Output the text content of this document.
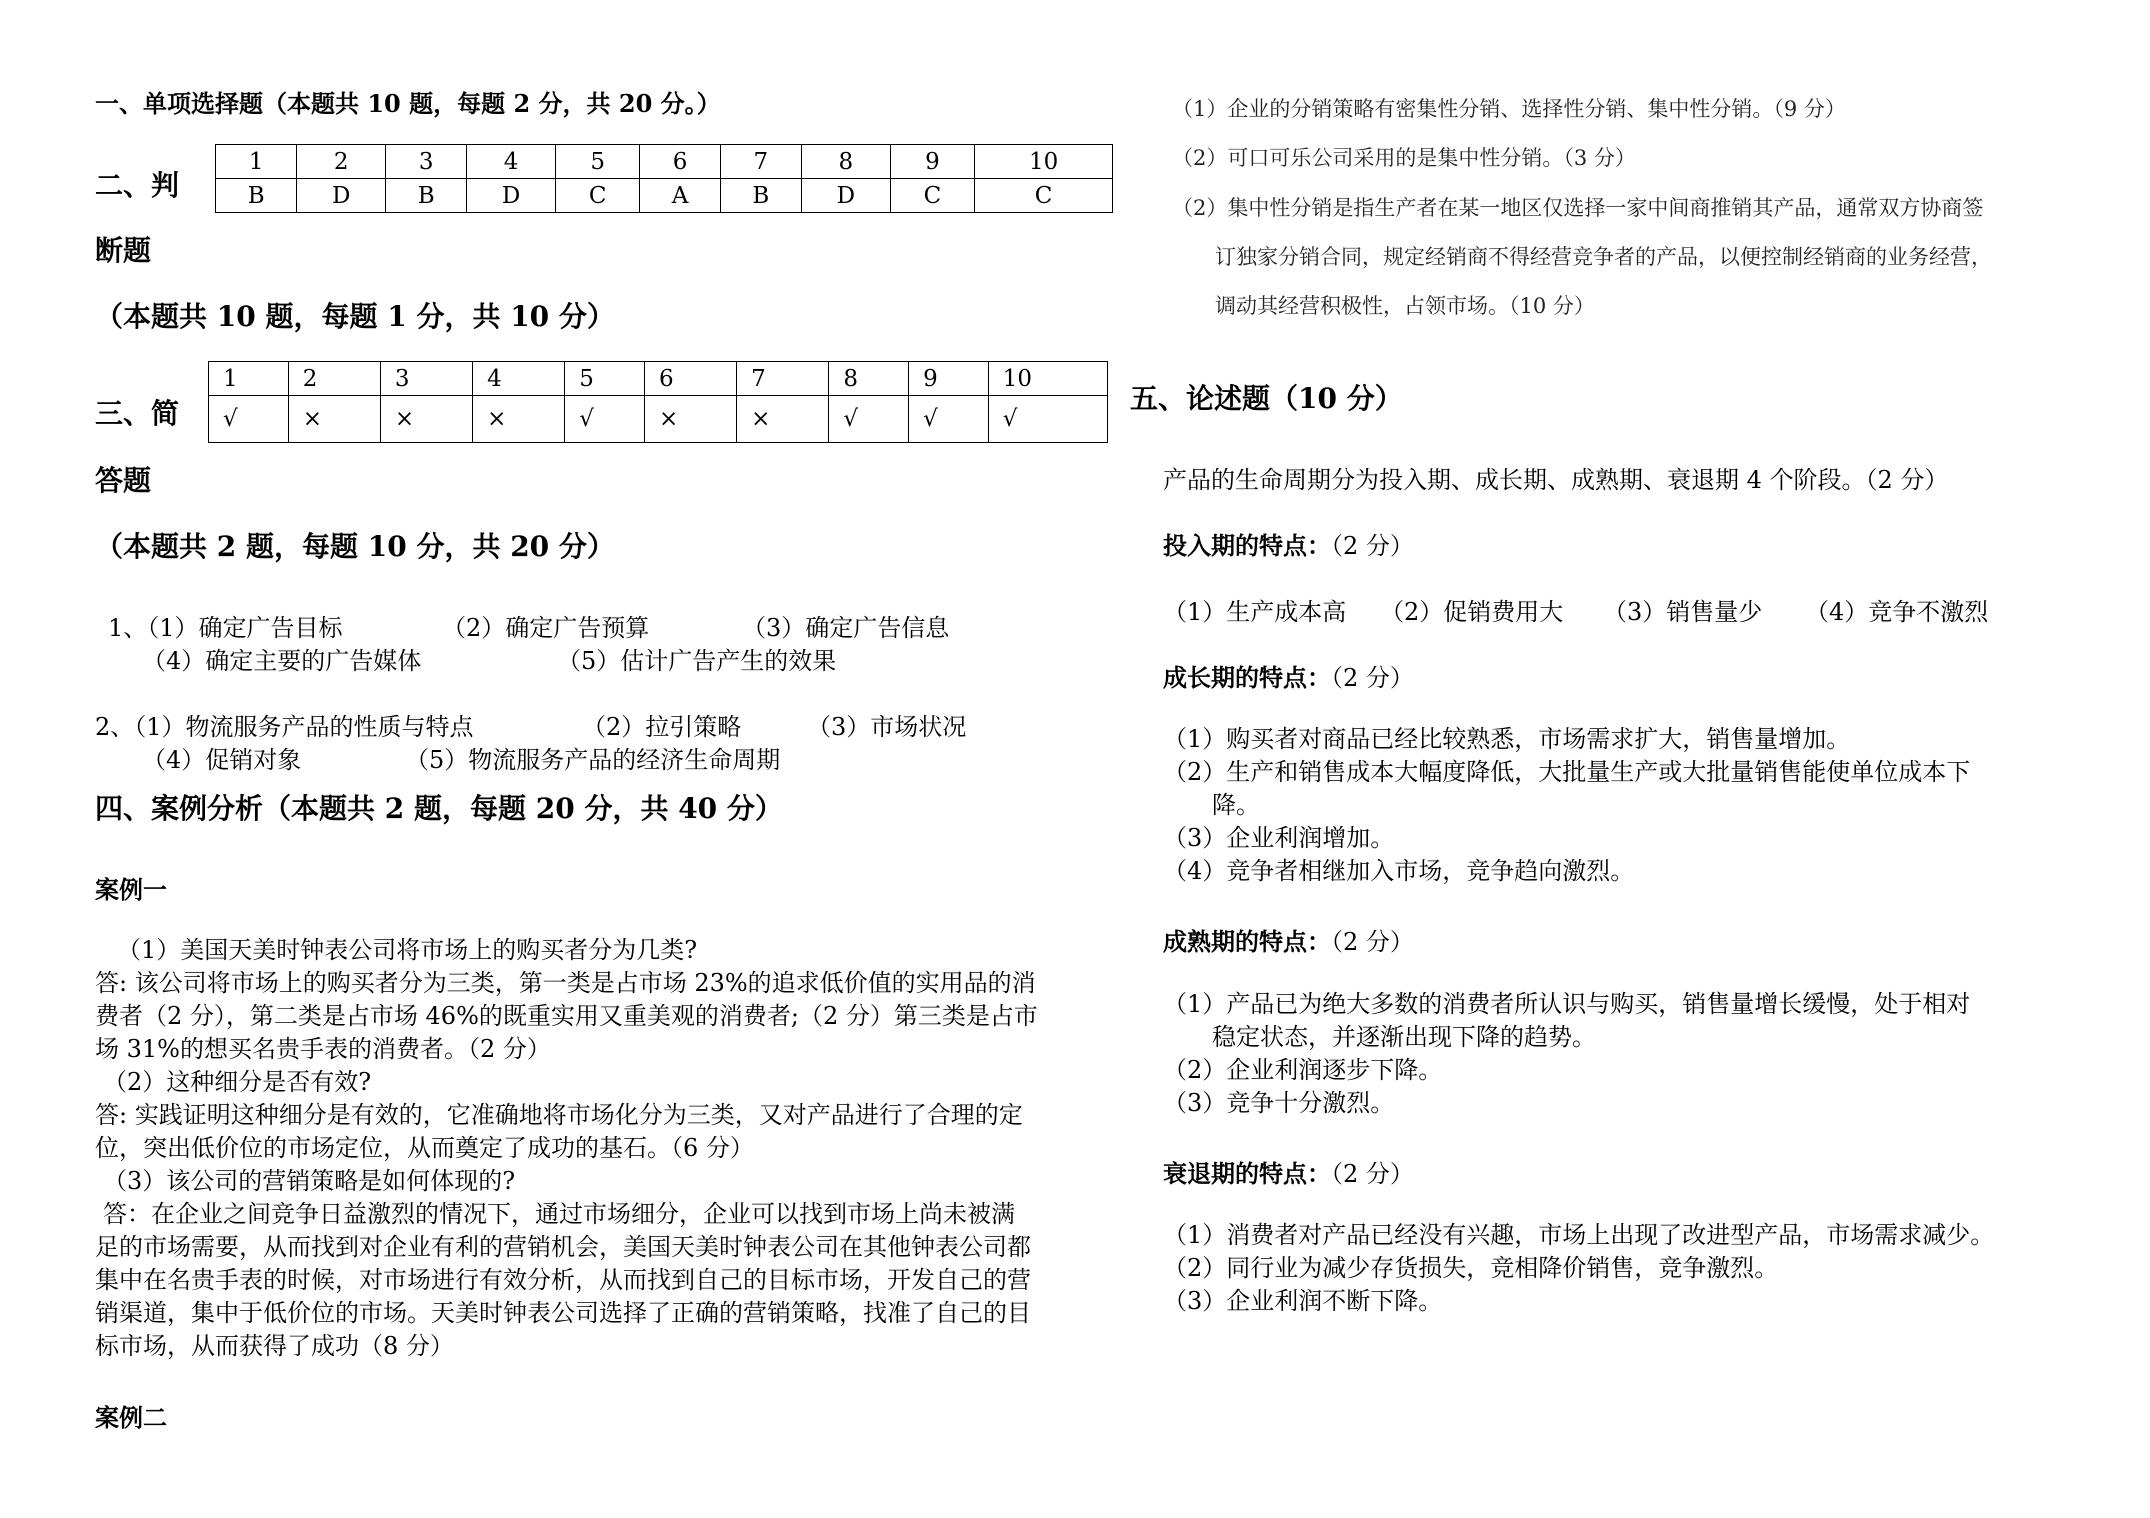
一、单项选择题（本题共 10 题，每题 2 分，共 20 分。）
二、判
1	2	3	4	5	6	7	8	9	10
B	D	B	D	C	A	B	D	C	C
断题
（本题共 10 题，每题 1 分，共 10 分）
三、简
1	2	3	4	5	6	7	8	9	10
√	×	×	×	√	×	×	√	√	√
答题
（本题共 2 题，每题 10 分，共 20 分）
1、（1）确定广告目标	（2）确定广告预算	（3）确定广告信息
（4）确定主要的广告媒体	（5）估计广告产生的效果
2、（1）物流服务产品的性质与特点	（2）拉引策略	（3）市场状况
（4）促销对象	（5）物流服务产品的经济生命周期
四、案例分析（本题共 2 题，每题 20 分，共 40 分）
案例一
（1）美国天美时钟表公司将市场上的购买者分为几类?
答: 该公司将市场上的购买者分为三类，第一类是占市场 23%的追求低价值的实用品的消
费者（2 分），第二类是占市场 46%的既重实用又重美观的消费者;（2 分）第三类是占市
场 31%的想买名贵手表的消费者。（2 分）
（2）这种细分是否有效?
答: 实践证明这种细分是有效的，它准确地将市场化分为三类，又对产品进行了合理的定
位，突出低价位的市场定位，从而奠定了成功的基石。（6 分）
（3）该公司的营销策略是如何体现的?
答：在企业之间竞争日益激烈的情况下，通过市场细分，企业可以找到市场上尚未被满
足的市场需要，从而找到对企业有利的营销机会，美国天美时钟表公司在其他钟表公司都
集中在名贵手表的时候，对市场进行有效分析，从而找到自己的目标市场，开发自己的营
销渠道，集中于低价位的市场。天美时钟表公司选择了正确的营销策略，找准了自己的目
标市场，从而获得了成功（8 分）
案例二
（1）企业的分销策略有密集性分销、选择性分销、集中性分销。（9 分）
（2）可口可乐公司采用的是集中性分销。（3 分）
（2）集中性分销是指生产者在某一地区仅选择一家中间商推销其产品，通常双方协商签
订独家分销合同，规定经销商不得经营竞争者的产品，以便控制经销商的业务经营，
调动其经营积极性，占领市场。（10 分）
五、论述题（10 分）
产品的生命周期分为投入期、成长期、成熟期、衰退期 4 个阶段。（2 分）
投入期的特点：（2 分）
（1）生产成本高 （2）促销费用大 （3）销售量少 （4）竞争不激烈
成长期的特点：（2 分）
（1）购买者对商品已经比较熟悉，市场需求扩大，销售量增加。
（2）生产和销售成本大幅度降低，大批量生产或大批量销售能使单位成本下
降。
（3）企业利润增加。
（4）竞争者相继加入市场，竞争趋向激烈。
成熟期的特点：（2 分）
（1）产品已为绝大多数的消费者所认识与购买，销售量增长缓慢，处于相对
稳定状态，并逐渐出现下降的趋势。
（2）企业利润逐步下降。
（3）竞争十分激烈。
衰退期的特点：（2 分）
（1）消费者对产品已经没有兴趣，市场上出现了改进型产品，市场需求减少。
（2）同行业为减少存货损失，竞相降价销售，竞争激烈。
（3）企业利润不断下降。
